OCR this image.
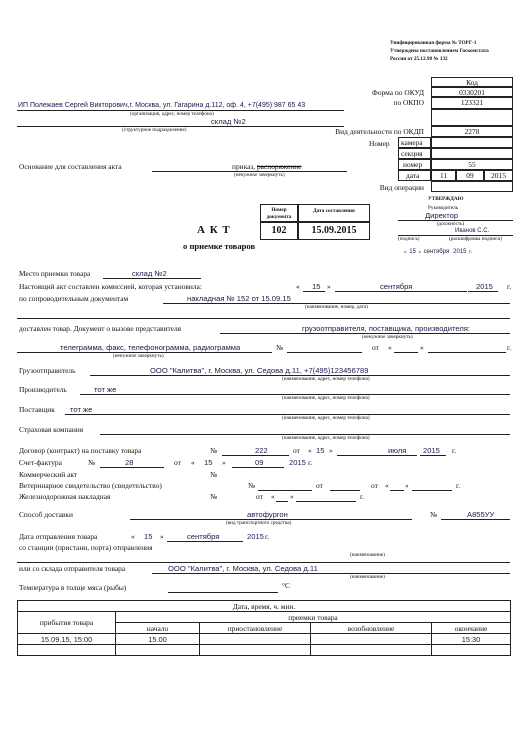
Унифицированная форма № ТОРГ-1
Утверждена постановлением Госкомстата
России от 25.12.98 № 132
Код
Форма по ОКУД	0330201
по ОКПО	123321
Вид деятельности по ОКДП	2278
Номер	камера
секция
номер	55
дата	11	09	2015
Вид операции
ИП Полежаев Сергей Викторович,г. Москва, ул. Гагарина д.112, оф. 4, +7(495) 987 65 43
(организация, адрес, номер телефона)
склад №2
(структурное подразделение)
Основание для составления акта	приказ, распоряжение
(ненужное зачеркнуть)
УТВЕРЖДАЮ
Руководитель
Директор
(должность)
Иванов С.С.
(подпись)	(расшифровка подписи)
« 15 » сентября 2015 г.
Номер документа
Дата составления
102	15.09.2015
А К Т
о приемке товаров
Место приемки товара	склад №2
Настоящий акт составлен комиссией, которая установила:	« 15 »	сентября	2015 г.
по сопроводительным документам	накладная № 152 от 15.09.15
(наименование, номер, дата)
доставлен товар. Документ о вызове представителя	грузоотправителя, поставщика, производителя:
(ненужное зачеркнуть)
телеграмма, факс, телефонограмма, радиограмма
(ненужное зачеркнуть)
№	от «	»	г.
Грузоотправитель	ООО "Калитва", г. Москва, ул. Седова д.11, +7(495)123456789
(наименование, адрес, номер телефона)
Производитель	тот же
(наименование, адрес, номер телефона)
Поставщик тот же
(наименование, адрес, номер телефона)
Страховая компания
(наименование, адрес, номер телефона)
Договор (контракт) на поставку товара	№	222	от « 15 »	июля 2015 г.
Счет-фактура	№	28	от « 15 »	09	2015 г.
Коммерческий акт	№
Ветеринарное свидетельство (свидетельство)	№	от	от « »	г.
Железнодорожная накладная	№	от « »	г.
Способ доставки	автофургон
(вид транспортного средства)
№	А855УУ
Дата отправления товара	« 15 »	сентября	2015 г.
со станции (пристани, порта) отправления
(наименование)
или со склада отправителя товара	ООО "Калитва", г. Москва, ул. Седова д.11
(наименование)
Температура в толще мяса (рыбы)	°С
Дата, время, ч. мин.				
прибытия товара	приемки товара			
	начало	приостановление	возобновление	окончание
15.09.15, 15:00	15.00			15:30
